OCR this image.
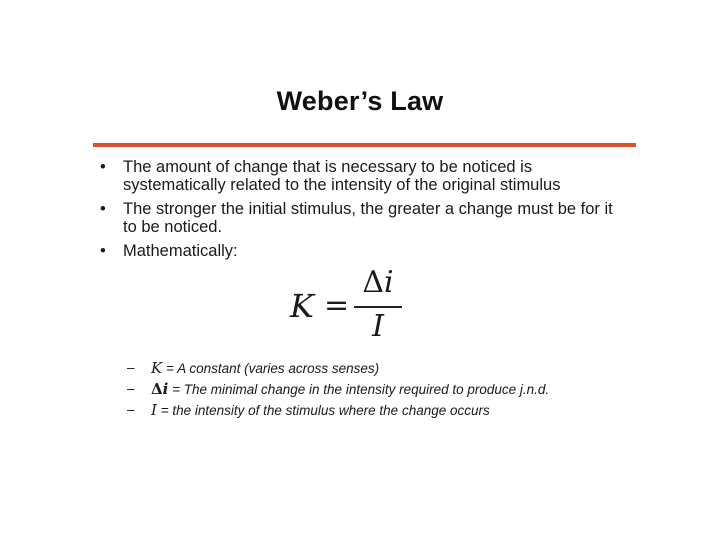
Weber’s Law
• The amount of change that is necessary to be noticed is systematically related to the intensity of the original stimulus
• The stronger the initial stimulus, the greater a change must be for it to be noticed.
• Mathematically:
K =
Δi
I
– K = A constant (varies across senses)
– Δi = The minimal change in the intensity required to produce j.n.d.
– I = the intensity of the stimulus where the change occurs
